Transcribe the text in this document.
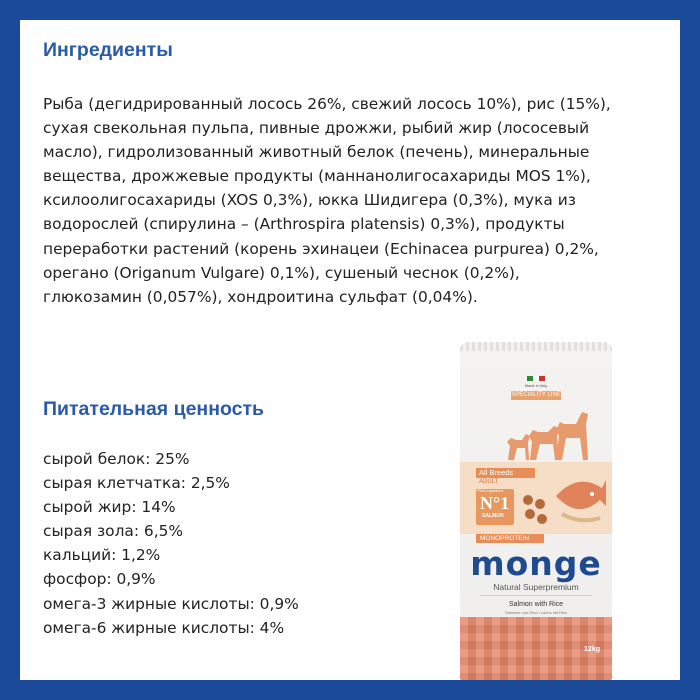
Ингредиенты

Рыба (дегидрированный лосось 26%, свежий лосось 10%), рис (15%),
сухая свекольная пульпа, пивные дрожжи, рыбий жир (лососевый
масло), гидролизованный животный белок (печень), минеральные
вещества, дрожжевые продукты (маннанолигосахариды MOS 1%),
ксилоолигосахариды (XOS 0,3%), юкка Шидигера (0,3%), мука из
водорослей (спирулина – (Arthrospira platensis) 0,3%), продукты
переработки растений (корень эхинацеи (Echinacea purpurea) 0,2%,
орегано (Origanum Vulgare) 0,1%), сушеный чеснок (0,2%),
глюкозамин (0,057%), хондроитина сульфат (0,04%).

Питательная ценность
сырой белок: 25%
сырая клетчатка: 2,5%
сырой жир: 14%
сырая зола: 6,5%
кальций: 1,2%
фосфор: 0,9%
омега-3 жирные кислоты: 0,9%
омега-6 жирные кислоты: 4%
Made in Italy
SPECIALITY LINE
All Breeds
ADULT
First Ingredient
N°1
SALMON
MONOPROTEIN
monge
Natural Superpremium
Salmon with Rice
Salmone con Riso • Lachs mit Reis
12kg
